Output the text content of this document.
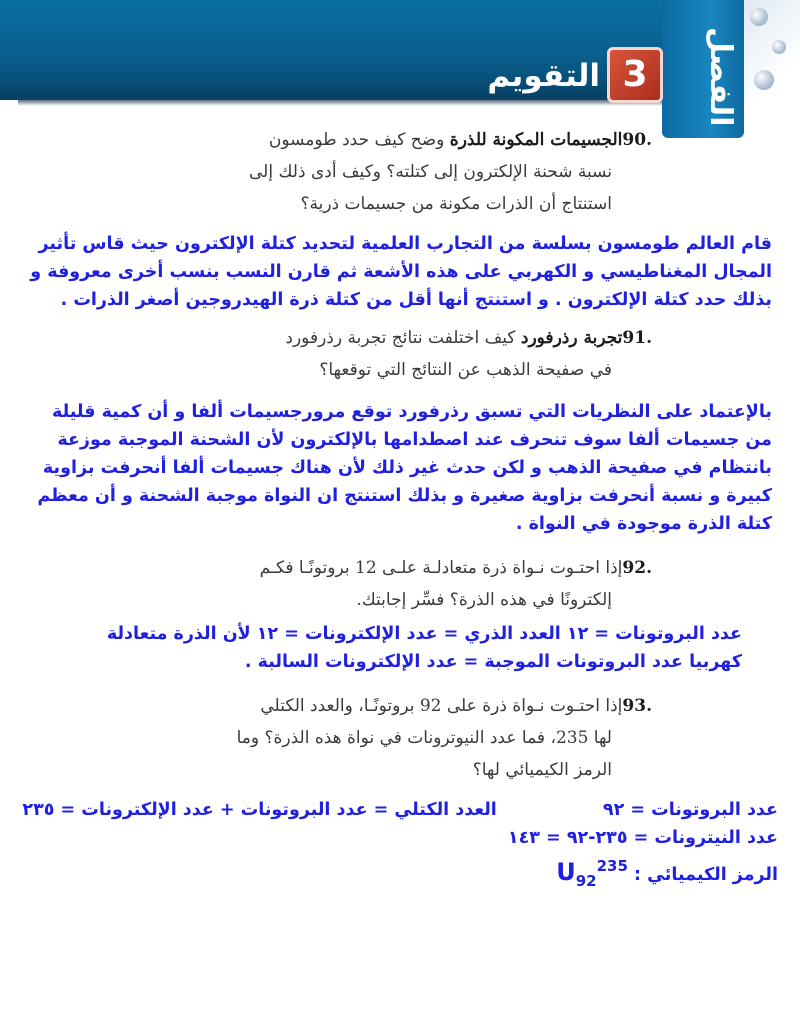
الفصل
3
التقويم
.90الجسيمات المكونة للذرة وضح كيف حدد طومسون
نسبة شحنة الإلكترون إلى كتلته؟ وكيف أدى ذلك إلى
استنتاج أن الذرات مكونة من جسيمات ذرية؟
قام العالم طومسون بسلسة من التجارب العلمية لتحديد كتلة الإلكترون حيث قاس تأثير
المجال المغناطيسي و الكهربي على هذه الأشعة ثم قارن النسب بنسب أخرى معروفة و
بذلك حدد كتلة الإلكترون . و استنتج أنها أقل من كتلة ذرة الهيدروجين أصغر الذرات .
.91تجربة رذرفورد كيف اختلفت نتائج تجربة رذرفورد
في صفيحة الذهب عن النتائج التي توقعها؟
بالإعتماد على النظريات التي تسبق رذرفورد توقع مرورجسيمات ألفا و أن كمية قليلة
من جسيمات ألفا سوف تنحرف عند اصطدامها بالإلكترون لأن الشحنة الموجبة موزعة
بانتظام في صفيحة الذهب و لكن حدث غير ذلك لأن هناك جسيمات ألفا أنحرفت بزاوية
كبيرة و نسبة أنحرفت بزاوية صغيرة و بذلك استنتج ان النواة موجبة الشحنة و أن معظم
كتلة الذرة موجودة في النواة .
.92إذا احتـوت نـواة ذرة متعادلـة علـى 12 بروتونًـا فكـم
إلكترونًا في هذه الذرة؟ فسِّر إجابتك.
عدد البروتونات = ١٢ العدد الذري = عدد الإلكترونات = ١٢ لأن الذرة متعادلة
كهربيا عدد البروتونات الموجبة = عدد الإلكترونات السالبة .
.93إذا احتـوت نـواة ذرة على 92 بروتونًـا، والعدد الكتلي
لها 235، فما عدد النيوترونات في نواة هذه الذرة؟ وما
الرمز الكيميائي لها؟
عدد البروتونات = ٩٢ العدد الكتلي = عدد البروتونات + عدد الإلكترونات = ٢٣٥
عدد النيترونات = ٢٣٥-٩٢ = ١٤٣
الرمز الكيميائي : $U_{92}^{235}$
